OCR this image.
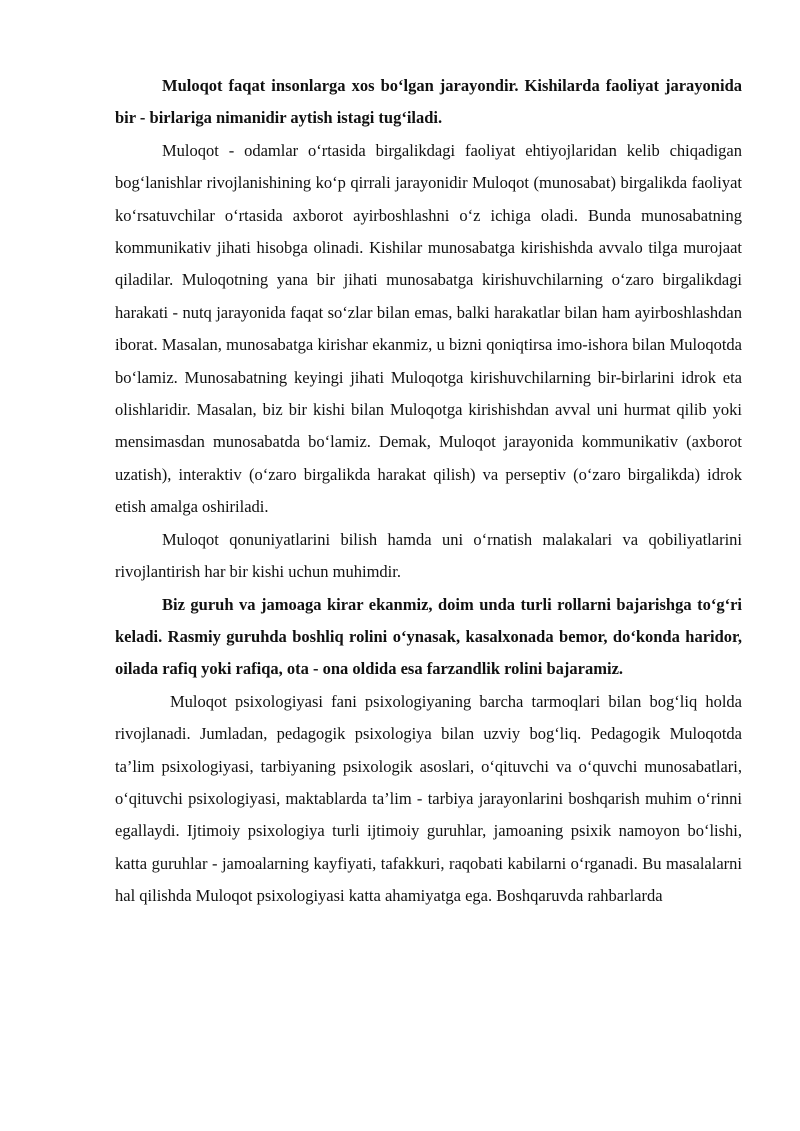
Muloqot faqat insonlarga xos bo‘lgan jarayondir. Kishilarda faoliyat jarayonida bir - birlariga nimanidir aytish istagi tug‘iladi.

Muloqot - odamlar o‘rtasida birgalikdagi faoliyat ehtiyojlaridan kelib chiqadigan bog‘lanishlar rivojlanishining ko‘p qirrali jarayonidir Muloqot (munosabat) birgalikda faoliyat ko‘rsatuvchilar o‘rtasida axborot ayirboshlashni o‘z ichiga oladi. Bunda munosabatning kommunikativ jihati hisobga olinadi. Kishilar munosabatga kirishishda avvalo tilga murojaat qiladilar. Muloqotning yana bir jihati munosabatga kirishuvchilarning o‘zaro birgalikdagi harakati - nutq jarayonida faqat so‘zlar bilan emas, balki harakatlar bilan ham ayirboshlashdan iborat. Masalan, munosabatga kirishar ekanmiz, u bizni qoniqtirsa imo-ishora bilan Muloqotda bo‘lamiz. Munosabatning keyingi jihati Muloqotga kirishuvchilarning bir-birlarini idrok eta olishlaridir. Masalan, biz bir kishi bilan Muloqotga kirishishdan avval uni hurmat qilib yoki mensimasdan munosabatda bo‘lamiz. Demak, Muloqot jarayonida kommunikativ (axborot uzatish), interaktiv (o‘zaro birgalikda harakat qilish) va perseptiv (o‘zaro birgalikda) idrok etish amalga oshiriladi.

Muloqot qonuniyatlarini bilish hamda uni o‘rnatish malakalari va qobiliyatlarini rivojlantirish har bir kishi uchun muhimdir.

Biz guruh va jamoaga kirar ekanmiz, doim unda turli rollarni bajarishga to‘g‘ri keladi. Rasmiy guruhda boshliq rolini o‘ynasak, kasalxonada bemor, do‘konda haridor, oilada rafiq yoki rafiqa, ota - ona oldida esa farzandlik rolini bajaramiz.

Muloqot psixologiyasi fani psixologiyaning barcha tarmoqlari bilan bog‘liq holda rivojlanadi. Jumladan, pedagogik psixologiya bilan uzviy bog‘liq. Pedagogik Muloqotda ta’lim psixologiyasi, tarbiyaning psixologik asoslari, o‘qituvchi va o‘quvchi munosabatlari, o‘qituvchi psixologiyasi, maktablarda ta’lim - tarbiya jarayonlarini boshqarish muhim o‘rinni egallaydi. Ijtimoiy psixologiya turli ijtimoiy guruhlar, jamoaning psixik namoyon bo‘lishi, katta guruhlar - jamoalarning kayfiyati, tafakkuri, raqobati kabilarni o‘rganadi. Bu masalalarni hal qilishda Muloqot psixologiyasi katta ahamiyatga ega. Boshqaruvda rahbarlarda
